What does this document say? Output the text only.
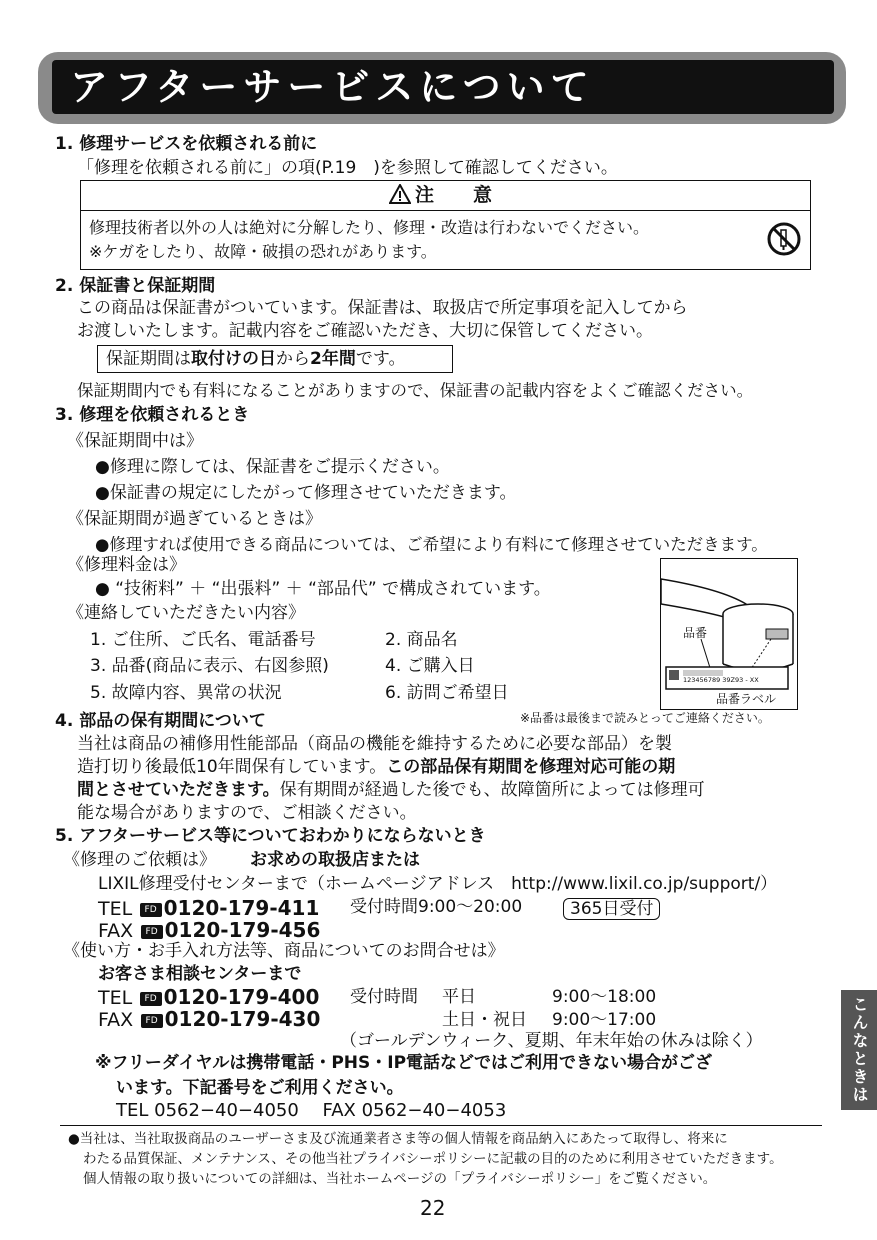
アフターサービスについて
1. 修理サービスを依頼される前に
「修理を依頼される前に」の項(P.19　)を参照して確認してください。
注　意
修理技術者以外の人は絶対に分解したり、修理・改造は行わないでください。
※ケガをしたり、故障・破損の恐れがあります。
2. 保証書と保証期間
この商品は保証書がついています。保証書は、取扱店で所定事項を記入してから
お渡しいたします。記載内容をご確認いただき、大切に保管してください。
保証期間は取付けの日から2年間です。
保証期間内でも有料になることがありますので、保証書の記載内容をよくご確認ください。
3. 修理を依頼されるとき
《保証期間中は》
●修理に際しては、保証書をご提示ください。
●保証書の規定にしたがって修理させていただきます。
《保証期間が過ぎているときは》
●修理すれば使用できる商品については、ご希望により有料にて修理させていただきます。
《修理料金は》
● “技術料” ＋ “出張料” ＋ “部品代” で構成されています。
《連絡していただきたい内容》
1. ご住所、ご氏名、電話番号	2. 商品名
3. 品番(商品に表示、右図参照)	4. ご購入日
5. 故障内容、異常の状況	6. 訪問ご希望日
品番
123456789 39Z93 - XX
品番ラベル
※品番は最後まで読みとってご連絡ください。
4. 部品の保有期間について
当社は商品の補修用性能部品（商品の機能を維持するために必要な部品）を製
造打切り後最低10年間保有しています。この部品保有期間を修理対応可能の期
間とさせていただきます。保有期間が経過した後でも、故障箇所によっては修理可
能な場合がありますので、ご相談ください。
5. アフターサービス等についておわかりにならないとき
《修理のご依頼は》 お求めの取扱店または
LIXIL修理受付センターまで（ホームページアドレス　http://www.lixil.co.jp/support/）
TEL FD 0120-179-411 受付時間9:00〜20:00	365日受付
FAX FD 0120-179-456
《使い方・お手入れ方法等、商品についてのお問合せは》
お客さま相談センターまで
TEL FD 0120-179-400 受付時間 平日	9:00〜18:00
FAX FD 0120-179-430	土日・祝日 9:00〜17:00
（ゴールデンウィーク、夏期、年末年始の休みは除く）
※フリーダイヤルは携帯電話・PHS・IP電話などではご利用できない場合がござ
います。下記番号をご利用ください。
TEL 0562−40−4050　 FAX 0562−40−4053
こんなときは
●当社は、当社取扱商品のユーザーさま及び流通業者さま等の個人情報を商品納入にあたって取得し、将来に
わたる品質保証、メンテナンス、その他当社プライバシーポリシーに記載の目的のために利用させていただきます。
個人情報の取り扱いについての詳細は、当社ホームページの「プライバシーポリシー」をご覧ください。
22
